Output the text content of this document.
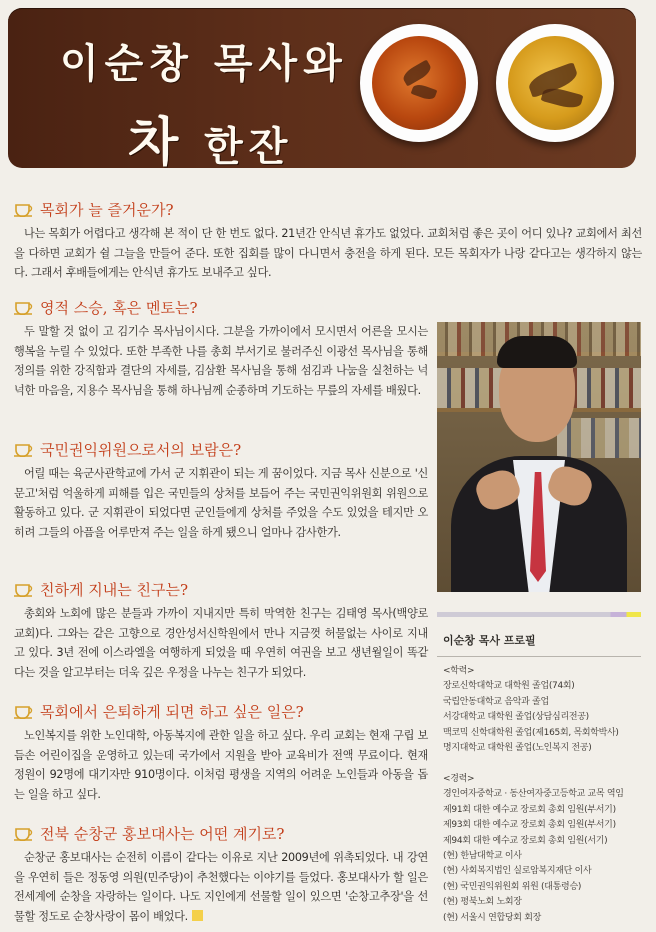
이순창 목사와
차 한잔
목회가 늘 즐거운가?
나는 목회가 어렵다고 생각해 본 적이 단 한 번도 없다. 21년간 안식년 휴가도 없었다. 교회처럼 좋은 곳이 어디 있나? 교회에서 최선을 다하면 교회가 쉴 그늘을 만들어 준다. 또한 집회를 많이 다니면서 충전을 하게 된다. 모든 목회자가 나랑 같다고는 생각하지 않는다. 그래서 후배들에게는 안식년 휴가도 보내주고 싶다.
영적 스승, 혹은 멘토는?
두 말할 것 없이 고 김기수 목사님이시다. 그분을 가까이에서 모시면서 어른을 모시는 행복을 누릴 수 있었다. 또한 부족한 나를 총회 부서기로 불러주신 이광선 목사님을 통해 정의를 위한 강직함과 결단의 자세를, 김삼환 목사님을 통해 섬김과 나눔을 실천하는 넉넉한 마음을, 지용수 목사님을 통해 하나님께 순종하며 기도하는 무릎의 자세를 배웠다.
국민권익위원으로서의 보람은?
어릴 때는 육군사관학교에 가서 군 지휘관이 되는 게 꿈이었다. 지금 목사 신분으로 '신문고'처럼 억울하게 피해를 입은 국민들의 상처를 보듬어 주는 국민권익위원회 위원으로 활동하고 있다. 군 지휘관이 되었다면 군인들에게 상처를 주었을 수도 있었을 테지만 오히려 그들의 아픔을 어루만져 주는 일을 하게 됐으니 얼마나 감사한가.
친하게 지내는 친구는?
총회와 노회에 많은 분들과 가까이 지내지만 특히 막역한 친구는 김태영 목사(백양로 교회)다. 그와는 같은 고향으로 경안성서신학원에서 만나 지금껏 허물없는 사이로 지내고 있다. 3년 전에 이스라엘을 여행하게 되었을 때 우연히 여권을 보고 생년월일이 똑같다는 것을 알고부터는 더욱 깊은 우정을 나누는 친구가 되었다.
목회에서 은퇴하게 되면 하고 싶은 일은?
노인복지를 위한 노인대학, 아동복지에 관한 일을 하고 싶다. 우리 교회는 현재 구립 보듬손 어린이집을 운영하고 있는데 국가에서 지원을 받아 교육비가 전액 무료이다. 현재 정원이 92명에 대기자만 910명이다. 이처럼 평생을 지역의 어려운 노인들과 아동을 돕는 일을 하고 싶다.
전북 순창군 홍보대사는 어떤 계기로?
순창군 홍보대사는 순전히 이름이 같다는 이유로 지난 2009년에 위촉되었다. 내 강연을 우연히 들은 정동영 의원(민주당)이 추천했다는 이야기를 들었다. 홍보대사가 할 일은 전세계에 순창을 자랑하는 일이다. 나도 지인에게 선물할 일이 있으면 '순창고추장'을 선물할 정도로 순창사랑이 몸이 배었다.
이순창 목사 프로필
<학력>
장로신학대학교 대학원 졸업(74회)
국립안동대학교 음악과 졸업
서강대학교 대학원 졸업(상담심리전공)
맥코믹 신학대학원 졸업(제165회, 목회학박사)
명지대학교 대학원 졸업(노인복지 전공)
<경력>
경인여자중학교 · 동산여자중고등학교 교목 역임
제91회 대한 예수교 장로회 총회 임원(부서기)
제93회 대한 예수교 장로회 총회 임원(부서기)
제94회 대한 예수교 장로회 총회 임원(서기)
(현) 한남대학교 이사
(현) 사회복지법인 실로암복지재단 이사
(현) 국민권익위원회 위원 (대통령승)
(현) 평북노회 노회장
(현) 서울시 연합당회 회장
